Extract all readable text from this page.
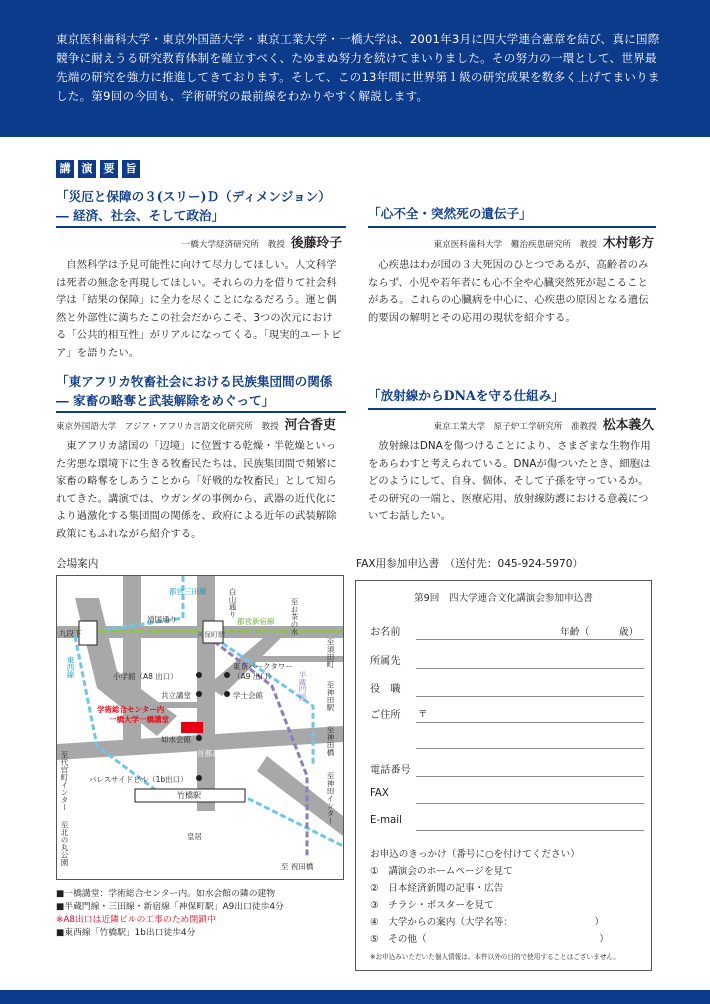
東京医科歯科大学・東京外国語大学・東京工業大学・一橋大学は、2001年3月に四大学連合憲章を結び、真に国際競争に耐えうる研究教育体制を確立すべく、たゆまぬ努力を続けてまいりました。その努力の一環として、世界最先端の研究を強力に推進してきております。そして、この13年間に世界第１級の研究成果を数多く上げてまいりました。第9回の今回も、学術研究の最前線をわかりやすく解説します。
講 演 要 旨
「災厄と保障の３(スリー)Ｄ（ディメンジョン）
― 経済、社会、そして政治」
一橋大学経済研究所　教授 後藤玲子
自然科学は予見可能性に向けて尽力してほしい。人文科学は死者の無念を再現してほしい。それらの力を借りて社会科学は「結果の保障」に全力を尽くことになるだろう。運と偶然と外部性に満ちたこの社会だからこそ、3つの次元における「公共的相互性」がリアルになってくる。「現実的ユートピア」を語りたい。
「心不全・突然死の遺伝子」
東京医科歯科大学　難治疾患研究所　教授 木村彰方
心疾患はわが国の３大死因のひとつであるが、高齢者のみならず、小児や若年者にも心不全や心臓突然死が起こることがある。これらの心臓病を中心に、心疾患の原因となる遺伝的要因の解明とその応用の現状を紹介する。
「東アフリカ牧畜社会における民族集団間の関係
― 家畜の略奪と武装解除をめぐって」
東京外国語大学　アジア・アフリカ言語文化研究所　教授 河合香吏
東アフリカ諸国の「辺境」に位置する乾燥・半乾燥といった劣悪な環境下に生きる牧畜民たちは、民族集団間で頻繁に家畜の略奪をしあうことから「好戦的な牧畜民」として知られてきた。講演では、ウガンダの事例から、武器の近代化により過激化する集団間の関係を、政府による近年の武装解除政策にもふれながら紹介する。
「放射線からDNAを守る仕組み」
東京工業大学　原子炉工学研究所　准教授 松本義久
放射線はDNAを傷つけることにより、さまざまな生物作用をあらわすと考えられている。DNAが傷ついたとき、細胞はどのようにして、自身、個体、そして子孫を守っているか。その研究の一端と、医療応用、放射線防護における意義についてお話したい。
会場案内
都営三田線	白山通り
靖国通り	都営新宿線
九段下	神保町駅
東西線	小学館（A8 出口）	（A9 出口）
東京パークタワー
半蔵門線
学士会館
共立講堂
学術総合センター内
一橋大学一橋講堂
如水会館
首都高速道路
パレスサイドビル（1b出口）
竹橋駅
皇居
至お茶の水
至須田町
至神田駅
至神田橋
至神田インター
至 祝田橋
至代官町インター
至北の丸公園
■一橋講堂：学術総合センター内。如水会館の隣の建物
■半蔵門線・三田線・新宿線「神保町駅」A9出口徒歩4分
※A8出口は近隣ビルの工事のため閉鎖中
■東西線「竹橋駅」1b出口徒歩4分
FAX用参加申込書　（送付先：045-924-5970）
第9回　四大学連合文化講演会参加申込書
お名前	年齢（　　　歳）
所属先
役　職
ご住所 〒
電話番号
FAX
E-mail
お申込のきっかけ（番号に○を付けてください）
①　 講演会のホームページを見て
②　 日本経済新聞の記事・広告
③　 チラシ・ポスターを見て
④　 大学からの案内（大学名等：　　　　　　　　　）
⑤　 その他（　　　　　　　　　　　　　　　　　　）
※お申込みいただいた個人情報は、本件以外の目的で使用することはございません。
